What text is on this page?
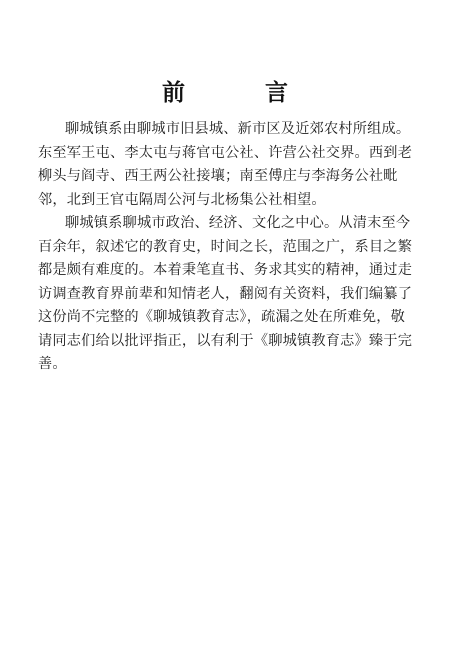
前 言
聊城镇系由聊城市旧县城、新市区及近郊农村所组成。
东至军王屯、李太屯与蒋官屯公社、许营公社交界。西到老
柳头与阎寺、西王两公社接壤；南至傅庄与李海务公社毗
邻，北到王官屯隔周公河与北杨集公社相望。
聊城镇系聊城市政治、经济、文化之中心。从清末至今
百余年，叙述它的教育史，时间之长，范围之广，系目之繁
都是颇有难度的。本着秉笔直书、务求其实的精神，通过走
访调查教育界前辈和知情老人，翻阅有关资料，我们编纂了
这份尚不完整的《聊城镇教育志》，疏漏之处在所难免，敬
请同志们给以批评指正，以有利于《聊城镇教育志》臻于完
善。
